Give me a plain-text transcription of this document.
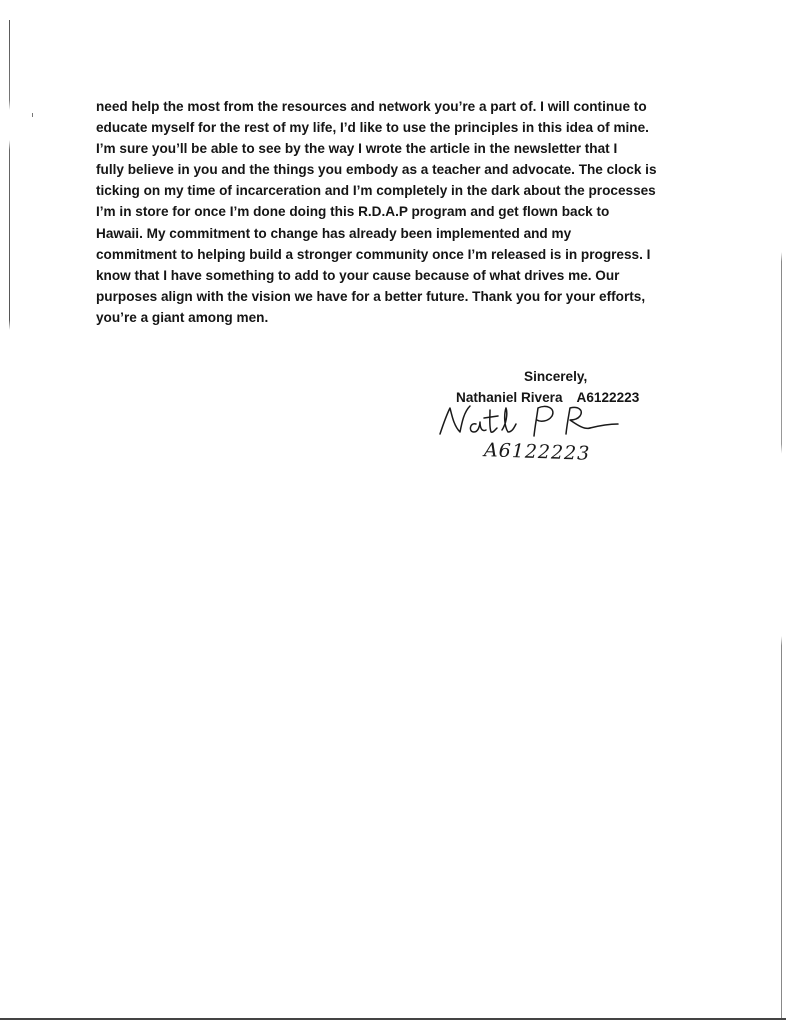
need help the most from the resources and network you’re a part of. I will continue to
educate myself for the rest of my life, I’d like to use the principles in this idea of mine.
I’m sure you’ll be able to see by the way I wrote the article in the newsletter that I
fully believe in you and the things you embody as a teacher and advocate. The clock is
ticking on my time of incarceration and I’m completely in the dark about the processes
I’m in store for once I’m done doing this R.D.A.P program and get flown back to
Hawaii. My commitment to change has already been implemented and my
commitment to helping build a stronger community once I’m released is in progress. I
know that I have something to add to your cause because of what drives me. Our
purposes align with the vision we have for a better future. Thank you for your efforts,
you’re a giant among men.

Sincerely,
Nathaniel Rivera A6122223
A6122223
